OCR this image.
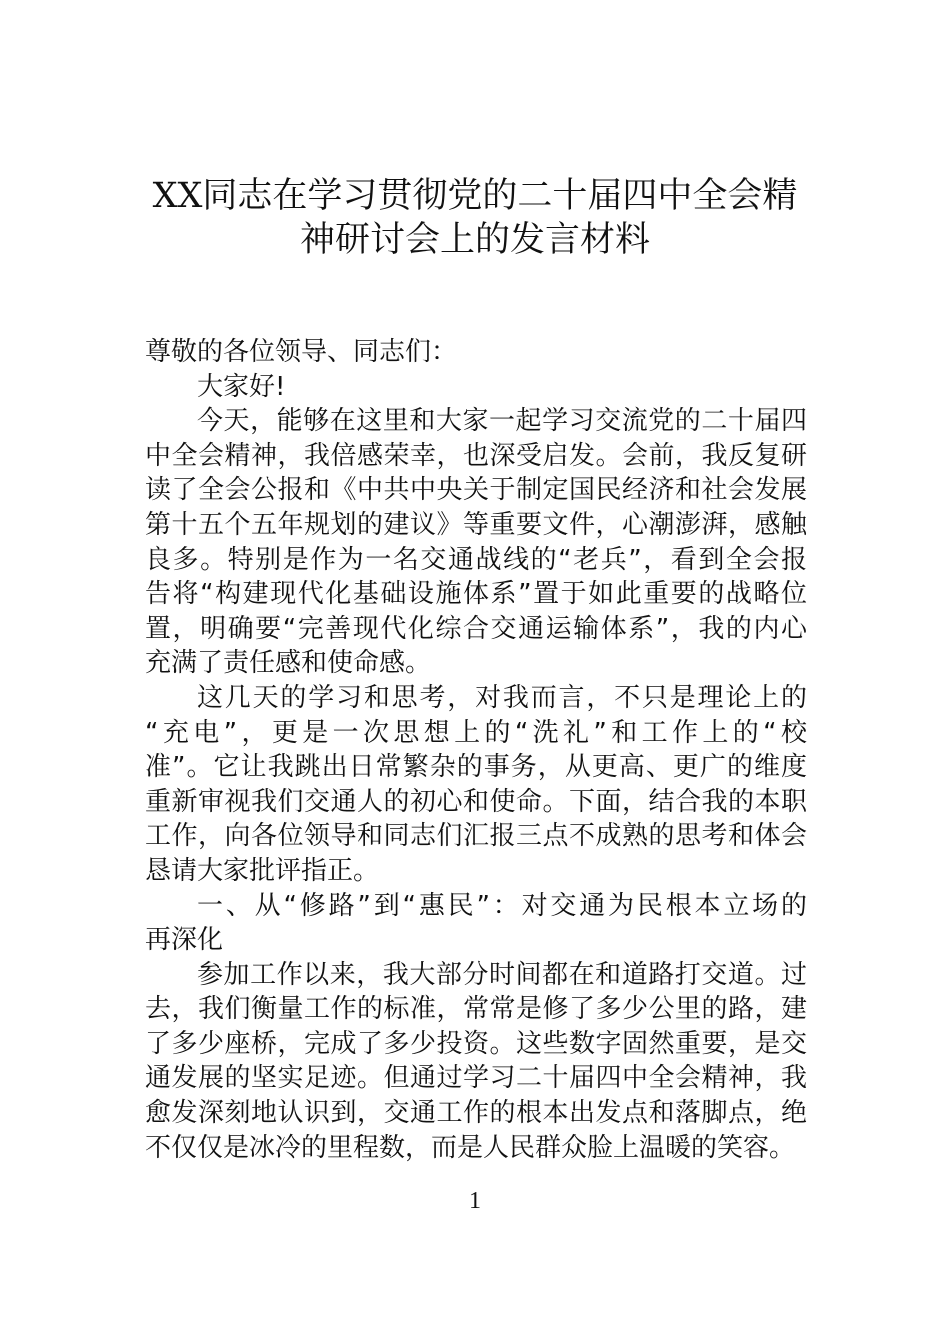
XX同志在学习贯彻党的二十届四中全会精
神研讨会上的发言材料
尊敬的各位领导、同志们：
大家好!
今天，能够在这里和大家一起学习交流党的二十届四
中全会精神，我倍感荣幸，也深受启发。会前，我反复研
读了全会公报和《中共中央关于制定国民经济和社会发展
第十五个五年规划的建议》等重要文件，心潮澎湃，感触
良多。特别是作为一名交通战线的“老兵”，看到全会报
告将“构建现代化基础设施体系”置于如此重要的战略位
置，明确要“完善现代化综合交通运输体系”，我的内心
充满了责任感和使命感。
这几天的学习和思考，对我而言，不只是理论上的
“充电”，更是一次思想上的“洗礼”和工作上的“校
准”。它让我跳出日常繁杂的事务，从更高、更广的维度
重新审视我们交通人的初心和使命。下面，结合我的本职
工作，向各位领导和同志们汇报三点不成熟的思考和体会
恳请大家批评指正。
一、从“修路”到“惠民”：对交通为民根本立场的
再深化
参加工作以来，我大部分时间都在和道路打交道。过
去，我们衡量工作的标准，常常是修了多少公里的路，建
了多少座桥，完成了多少投资。这些数字固然重要，是交
通发展的坚实足迹。但通过学习二十届四中全会精神，我
愈发深刻地认识到，交通工作的根本出发点和落脚点，绝
不仅仅是冰冷的里程数，而是人民群众脸上温暖的笑容。
1
